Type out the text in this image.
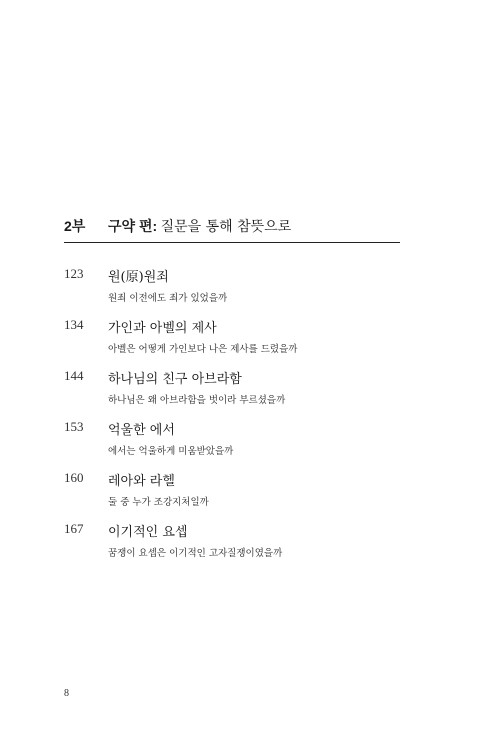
2부 구약 편: 질문을 통해 참뜻으로
123 원(原)원죄
원죄 이전에도 죄가 있었을까
134 가인과 아벨의 제사
아벨은 어떻게 가인보다 나은 제사를 드렸을까
144 하나님의 친구 아브라함
하나님은 왜 아브라함을 벗이라 부르셨을까
153 억울한 에서
에서는 억울하게 미움받았을까
160 레아와 라헬
둘 중 누가 조강지처일까
167 이기적인 요셉
꿈쟁이 요셉은 이기적인 고자질쟁이였을까
8
